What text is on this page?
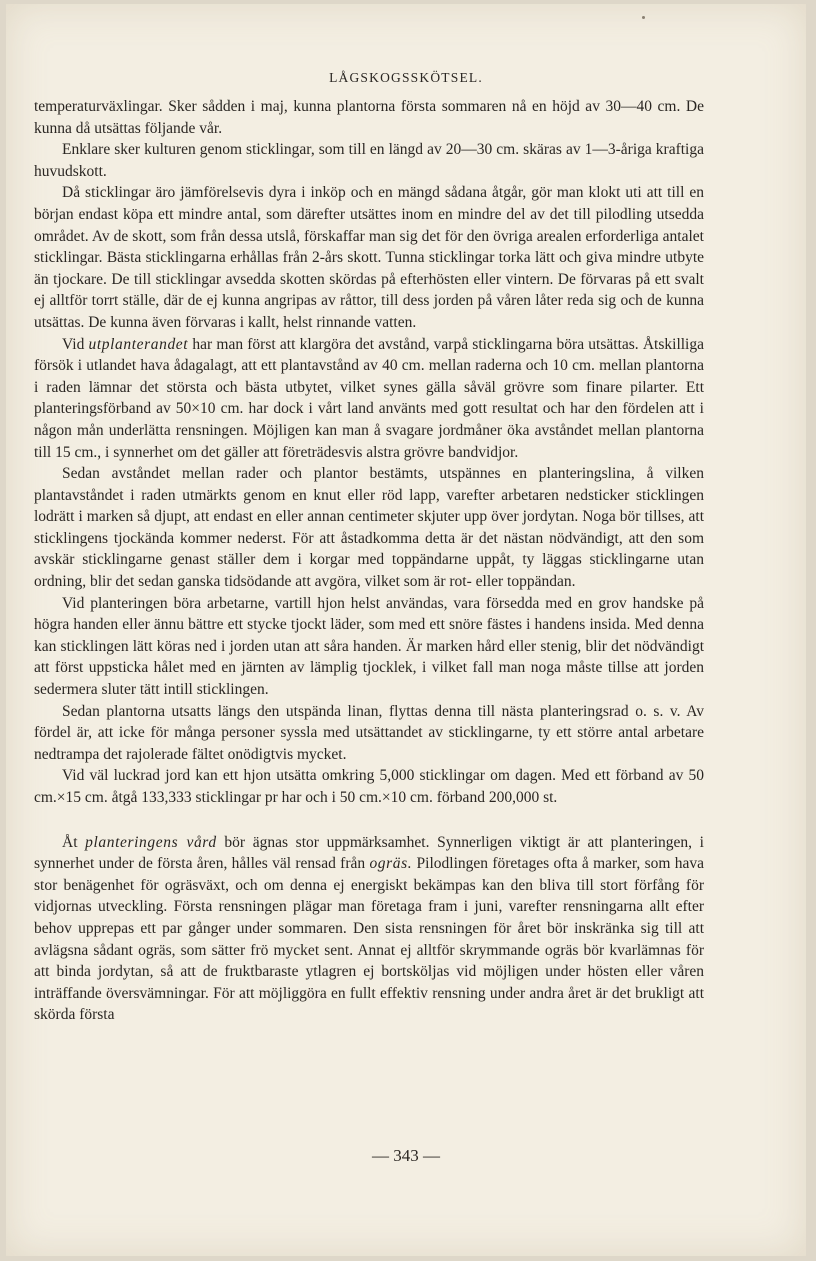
LÅGSKOGSSKÖTSEL.

temperaturväxlingar. Sker sådden i maj, kunna plantorna första sommaren nå en höjd av 30—40 cm. De kunna då utsättas följande vår.

Enklare sker kulturen genom sticklingar, som till en längd av 20—30 cm. skäras av 1—3-åriga kraftiga huvudskott.

Då sticklingar äro jämförelsevis dyra i inköp och en mängd sådana åtgår, gör man klokt uti att till en början endast köpa ett mindre antal, som därefter utsättes inom en mindre del av det till pilodling utsedda området. Av de skott, som från dessa utslå, förskaffar man sig det för den övriga arealen erforderliga antalet sticklingar. Bästa sticklingarna erhållas från 2-års skott. Tunna sticklingar torka lätt och giva mindre utbyte än tjockare. De till sticklingar avsedda skotten skördas på efterhösten eller vintern. De förvaras på ett svalt ej alltför torrt ställe, där de ej kunna angripas av råttor, till dess jorden på våren låter reda sig och de kunna utsättas. De kunna även förvaras i kallt, helst rinnande vatten.

Vid utplanterandet har man först att klargöra det avstånd, varpå sticklingarna böra utsättas. Åtskilliga försök i utlandet hava ådagalagt, att ett plantavstånd av 40 cm. mellan raderna och 10 cm. mellan plantorna i raden lämnar det största och bästa utbytet, vilket synes gälla såväl grövre som finare pilarter. Ett planteringsförband av 50×10 cm. har dock i vårt land använts med gott resultat och har den fördelen att i någon mån underlätta rensningen. Möjligen kan man å svagare jordmåner öka avståndet mellan plantorna till 15 cm., i synnerhet om det gäller att företrädesvis alstra grövre bandvidjor.

Sedan avståndet mellan rader och plantor bestämts, utspännes en planteringslina, å vilken plantavståndet i raden utmärkts genom en knut eller röd lapp, varefter arbetaren nedsticker sticklingen lodrätt i marken så djupt, att endast en eller annan centimeter skjuter upp över jordytan. Noga bör tillses, att sticklingens tjockända kommer nederst. För att åstadkomma detta är det nästan nödvändigt, att den som avskär sticklingarne genast ställer dem i korgar med toppändarne uppåt, ty läggas sticklingarne utan ordning, blir det sedan ganska tidsödande att avgöra, vilket som är rot- eller toppändan.

Vid planteringen böra arbetarne, vartill hjon helst användas, vara försedda med en grov handske på högra handen eller ännu bättre ett stycke tjockt läder, som med ett snöre fästes i handens insida. Med denna kan sticklingen lätt köras ned i jorden utan att såra handen. Är marken hård eller stenig, blir det nödvändigt att först uppsticka hålet med en järnten av lämplig tjocklek, i vilket fall man noga måste tillse att jorden sedermera sluter tätt intill sticklingen.

Sedan plantorna utsatts längs den utspända linan, flyttas denna till nästa planteringsrad o. s. v. Av fördel är, att icke för många personer syssla med utsättandet av sticklingarne, ty ett större antal arbetare nedtrampa det rajolerade fältet onödigtvis mycket.

Vid väl luckrad jord kan ett hjon utsätta omkring 5,000 sticklingar om dagen. Med ett förband av 50 cm.×15 cm. åtgå 133,333 sticklingar pr har och i 50 cm.×10 cm. förband 200,000 st.

Åt planteringens vård bör ägnas stor uppmärksamhet. Synnerligen viktigt är att planteringen, i synnerhet under de första åren, hålles väl rensad från ogräs. Pilodlingen företages ofta å marker, som hava stor benägenhet för ogräsväxt, och om denna ej energiskt bekämpas kan den bliva till stort förfång för vidjornas utveckling. Första rensningen plägar man företaga fram i juni, varefter rensningarna allt efter behov upprepas ett par gånger under sommaren. Den sista rensningen för året bör inskränka sig till att avlägsna sådant ogräs, som sätter frö mycket sent. Annat ej alltför skrymmande ogräs bör kvarlämnas för att binda jordytan, så att de fruktbaraste ytlagren ej bortsköljas vid möjligen under hösten eller våren inträffande översvämningar. För att möjliggöra en fullt effektiv rensning under andra året är det brukligt att skörda första

— 343 —
